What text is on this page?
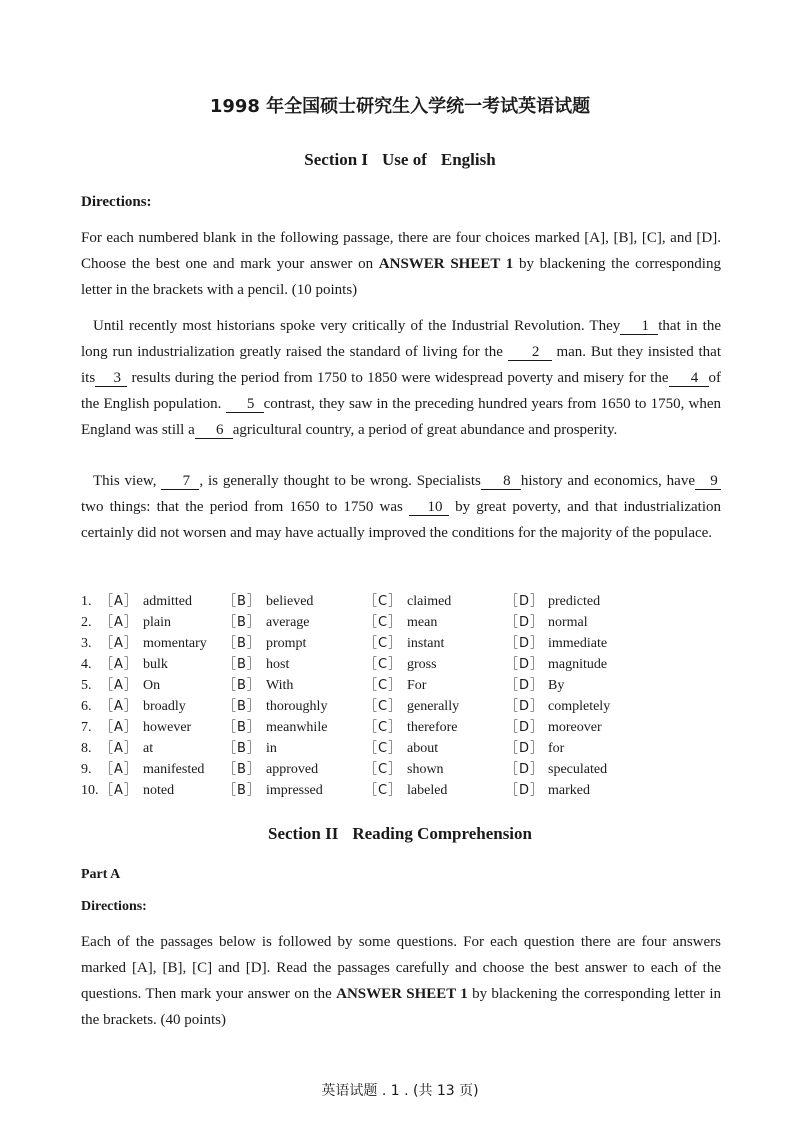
1998 年全国硕士研究生入学统一考试英语试题
Section I Use of English
Directions:
For each numbered blank in the following passage, there are four choices marked [A], [B], [C], and [D]. Choose the best one and mark your answer on ANSWER SHEET 1 by blackening the corresponding letter in the brackets with a pencil. (10 points)
Until recently most historians spoke very critically of the Industrial Revolution. They 1 that in the long run industrialization greatly raised the standard of living for the 2 man. But they insisted that its 3 results during the period from 1750 to 1850 were widespread poverty and misery for the 4 of the English population. 5 contrast, they saw in the preceding hundred years from 1650 to 1750, when England was still a 6 agricultural country, a period of great abundance and prosperity.
This view, 7 , is generally thought to be wrong. Specialists 8 history and economics, have 9 two things: that the period from 1650 to 1750 was 10 by great poverty, and that industrialization certainly did not worsen and may have actually improved the conditions for the majority of the populace.
1. ［A］ admitted ［B］ believed	［C］ claimed	［D］ predicted
2. ［A］ plain	［B］ average	［C］ mean	［D］ normal
3. ［A］ momentary ［B］ prompt	［C］ instant	［D］ immediate
4. ［A］ bulk	［B］ host	［C］ gross	［D］ magnitude
5. ［A］ On	［B］ With	［C］ For	［D］ By
6. ［A］ broadly	［B］ thoroughly	［C］ generally	［D］ completely
7. ［A］ however ［B］ meanwhile	［C］ therefore	［D］ moreover
8. ［A］ at	［B］ in	［C］ about	［D］ for
9. ［A］ manifested ［B］ approved	［C］ shown	［D］ speculated
10. ［A］ noted	［B］ impressed	［C］ labeled	［D］ marked
Section II Reading Comprehension
Part A
Directions:
Each of the passages below is followed by some questions. For each question there are four answers marked [A], [B], [C] and [D]. Read the passages carefully and choose the best answer to each of the questions. Then mark your answer on the ANSWER SHEET 1 by blackening the corresponding letter in the brackets. (40 points)
英语试题 . 1 . (共 13 页)
